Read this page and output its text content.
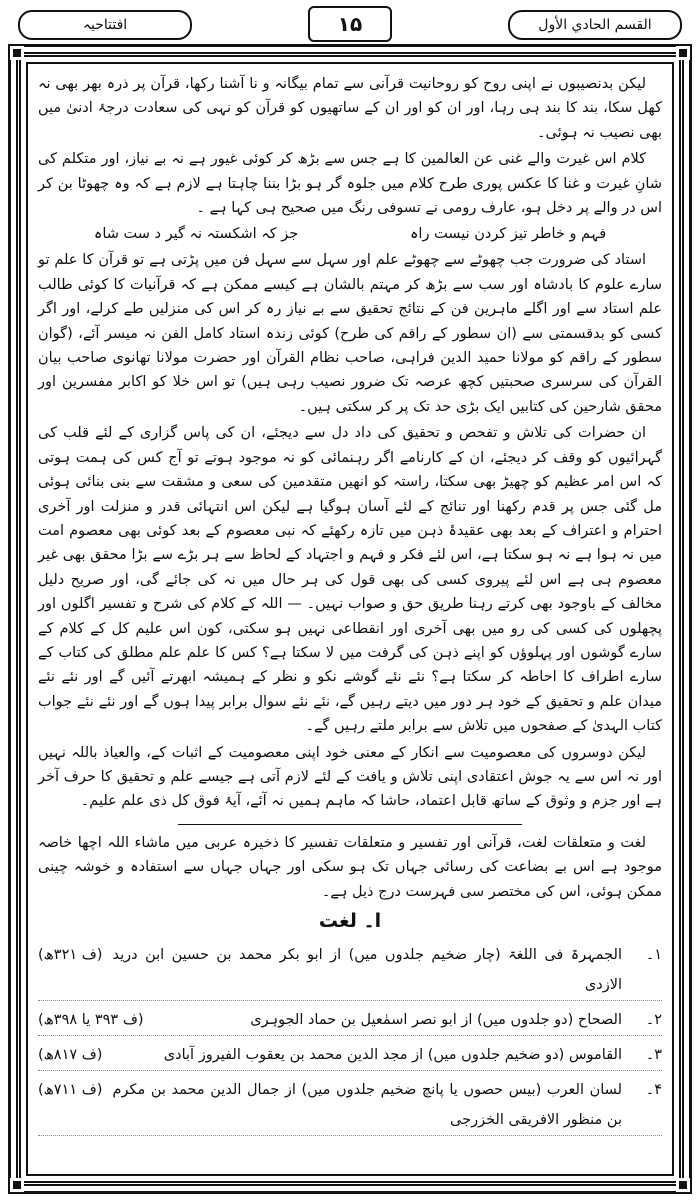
افتتاحیہ	۱۵	القسم الحادي الأول

لیکن بدنصیبوں نے اپنی روح کو روحانیت قرآنی سے تمام بیگانہ و نا آشنا رکھا، قرآن پر ذرہ بھر بھی نہ کھل سکا، بند کا بند ہی رہا، اور ان کو اور ان کے ساتھیوں کو قرآن کو نہی کی سعادت درجۂ ادنیٰ میں بھی نصیب نہ ہوئی۔

کلام اس غیرت والے غنی عن العالمین کا ہے جس سے بڑھ کر کوئی غیور ہے نہ بے نیاز، اور متکلم کی شانِ غیرت و غنا کا عکس پوری طرح کلام میں جلوہ گر ہو بڑا بننا چاہتا ہے لازم ہے کہ وہ چھوٹا بن کر اس در والے پر دخل ہو، عارف رومی نے تسوفی رنگ میں صحیح ہی کہا ہے ۔

فہم و خاطر تیز کردن نیست راہ
جز کہ اشکستہ نہ گیر د ست شاہ

استاد کی ضرورت جب چھوٹے سے چھوٹے علم اور سہل سے سہل فن میں پڑتی ہے تو قرآن کا علم تو سارے علوم کا بادشاہ اور سب سے بڑھ کر مہتم بالشان ہے کیسے ممکن ہے کہ قرآنیات کا کوئی طالب علم استاد سے اور اگلے ماہرین فن کے نتائج تحقیق سے بے نیاز رہ کر اس کی منزلیں طے کرلے، اور اگر کسی کو بدقسمتی سے (ان سطور کے راقم کی طرح) کوئی زندہ استاد کامل الفن نہ میسر آئے، (گوان سطور کے راقم کو مولانا حمید الدین فراہی، صاحب نظام القرآن اور حضرت مولانا تھانوی صاحب بیان القرآن کی سرسری صحبتیں کچھ عرصہ تک ضرور نصیب رہی ہیں) تو اس خلا کو اکابر مفسرین اور محقق شارحین کی کتابیں ایک بڑی حد تک پر کر سکتی ہیں۔

ان حضرات کی تلاش و تفحص و تحقیق کی داد دل سے دیجئے، ان کی پاس گزاری کے لئے قلب کی گہرائیوں کو وقف کر دیجئے، ان کے کارنامے اگر رہنمائی کو نہ موجود ہوتے تو آج کس کی ہمت ہوتی کہ اس امر عظیم کو چھیڑ بھی سکتا، راستہ کو انھیں متقدمین کی سعی و مشقت سے بنی بنائی ہوئی مل گئی جس پر قدم رکھنا اور تنائج کے لئے آسان ہوگیا ہے لیکن اس انتہائی قدر و منزلت اور آخری احترام و اعتراف کے بعد بھی عقیدۂ ذہن میں تازہ رکھئے کہ نبی معصوم کے بعد کوئی بھی معصوم امت میں نہ ہوا ہے نہ ہو سکتا ہے، اس لئے فکر و فہم و اجتہاد کے لحاظ سے ہر بڑے سے بڑا محقق بھی غیر معصوم ہی ہے اس لئے پیروی کسی کی بھی قول کی ہر حال میں نہ کی جائے گی، اور صریح دلیل مخالف کے باوجود بھی کرتے رہنا طریق حق و صواب نہیں۔ — اللہ کے کلام کی شرح و تفسیر اگلوں اور پچھلوں کی کسی کی رو میں بھی آخری اور انقطاعی نہیں ہو سکتی، کون اس علیم کل کے کلام کے سارے گوشوں اور پہلوؤں کو اپنے ذہن کی گرفت میں لا سکتا ہے؟ کس کا علم علم مطلق کی کتاب کے سارے اطراف کا احاطہ کر سکتا ہے؟ نئے نئے گوشے نکو و نظر کے ہمیشہ ابھرتے آئیں گے اور نئے نئے میدان علم و تحقیق کے خود ہر دور میں دیتے رہیں گے، نئے نئے سوال برابر پیدا ہوں گے اور نئے نئے جواب کتاب الہدیٰ کے صفحوں میں تلاش سے برابر ملتے رہیں گے۔

لیکن دوسروں کی معصومیت سے انکار کے معنی خود اپنی معصومیت کے اثبات کے، والعیاذ باللہ نہیں اور نہ اس سے یہ جوش اعتقادی اپنی تلاش و یافت کے لئے لازم آتی ہے جیسے علم و تحقیق کا حرف آخر ہے اور جزم و وثوق کے ساتھ قابل اعتماد، حاشا کہ ماہم ہمیں نہ آئے، آیۂ فوق کل ذی علم علیم۔

لغت و متعلقات لغت، قرآنی اور تفسیر و متعلقات تفسیر کا ذخیرہ عربی میں ماشاء اللہ اچھا خاصہ موجود ہے اس بے بضاعت کی رسائی جہاں تک ہو سکی اور جہاں جہاں سے استفادہ و خوشہ چینی ممکن ہوئی، اس کی مختصر سی فہرست درج ذیل ہے۔

ا۔ لغت
۱۔
الجمہرۃ فی اللغۃ (چار ضخیم جلدوں میں) از ابو بکر محمد بن حسین ابن درید الازدی
(ف ۳۲۱ھ)
۲۔
الصحاح (دو جلدوں میں) از ابو نصر اسمٰعیل بن حماد الجوہری
(ف ۳۹۳ یا ۳۹۸ھ)
۳۔
القاموس (دو ضخیم جلدوں میں) از مجد الدین محمد بن یعقوب الفیروز آبادی
(ف ۸۱۷ھ)
۴۔
لسان العرب (بیس حصوں یا پانچ ضخیم جلدوں میں) از جمال الدین محمد بن مکرم بن منظور الافریقی الخزرجی
(ف ۷۱۱ھ)
